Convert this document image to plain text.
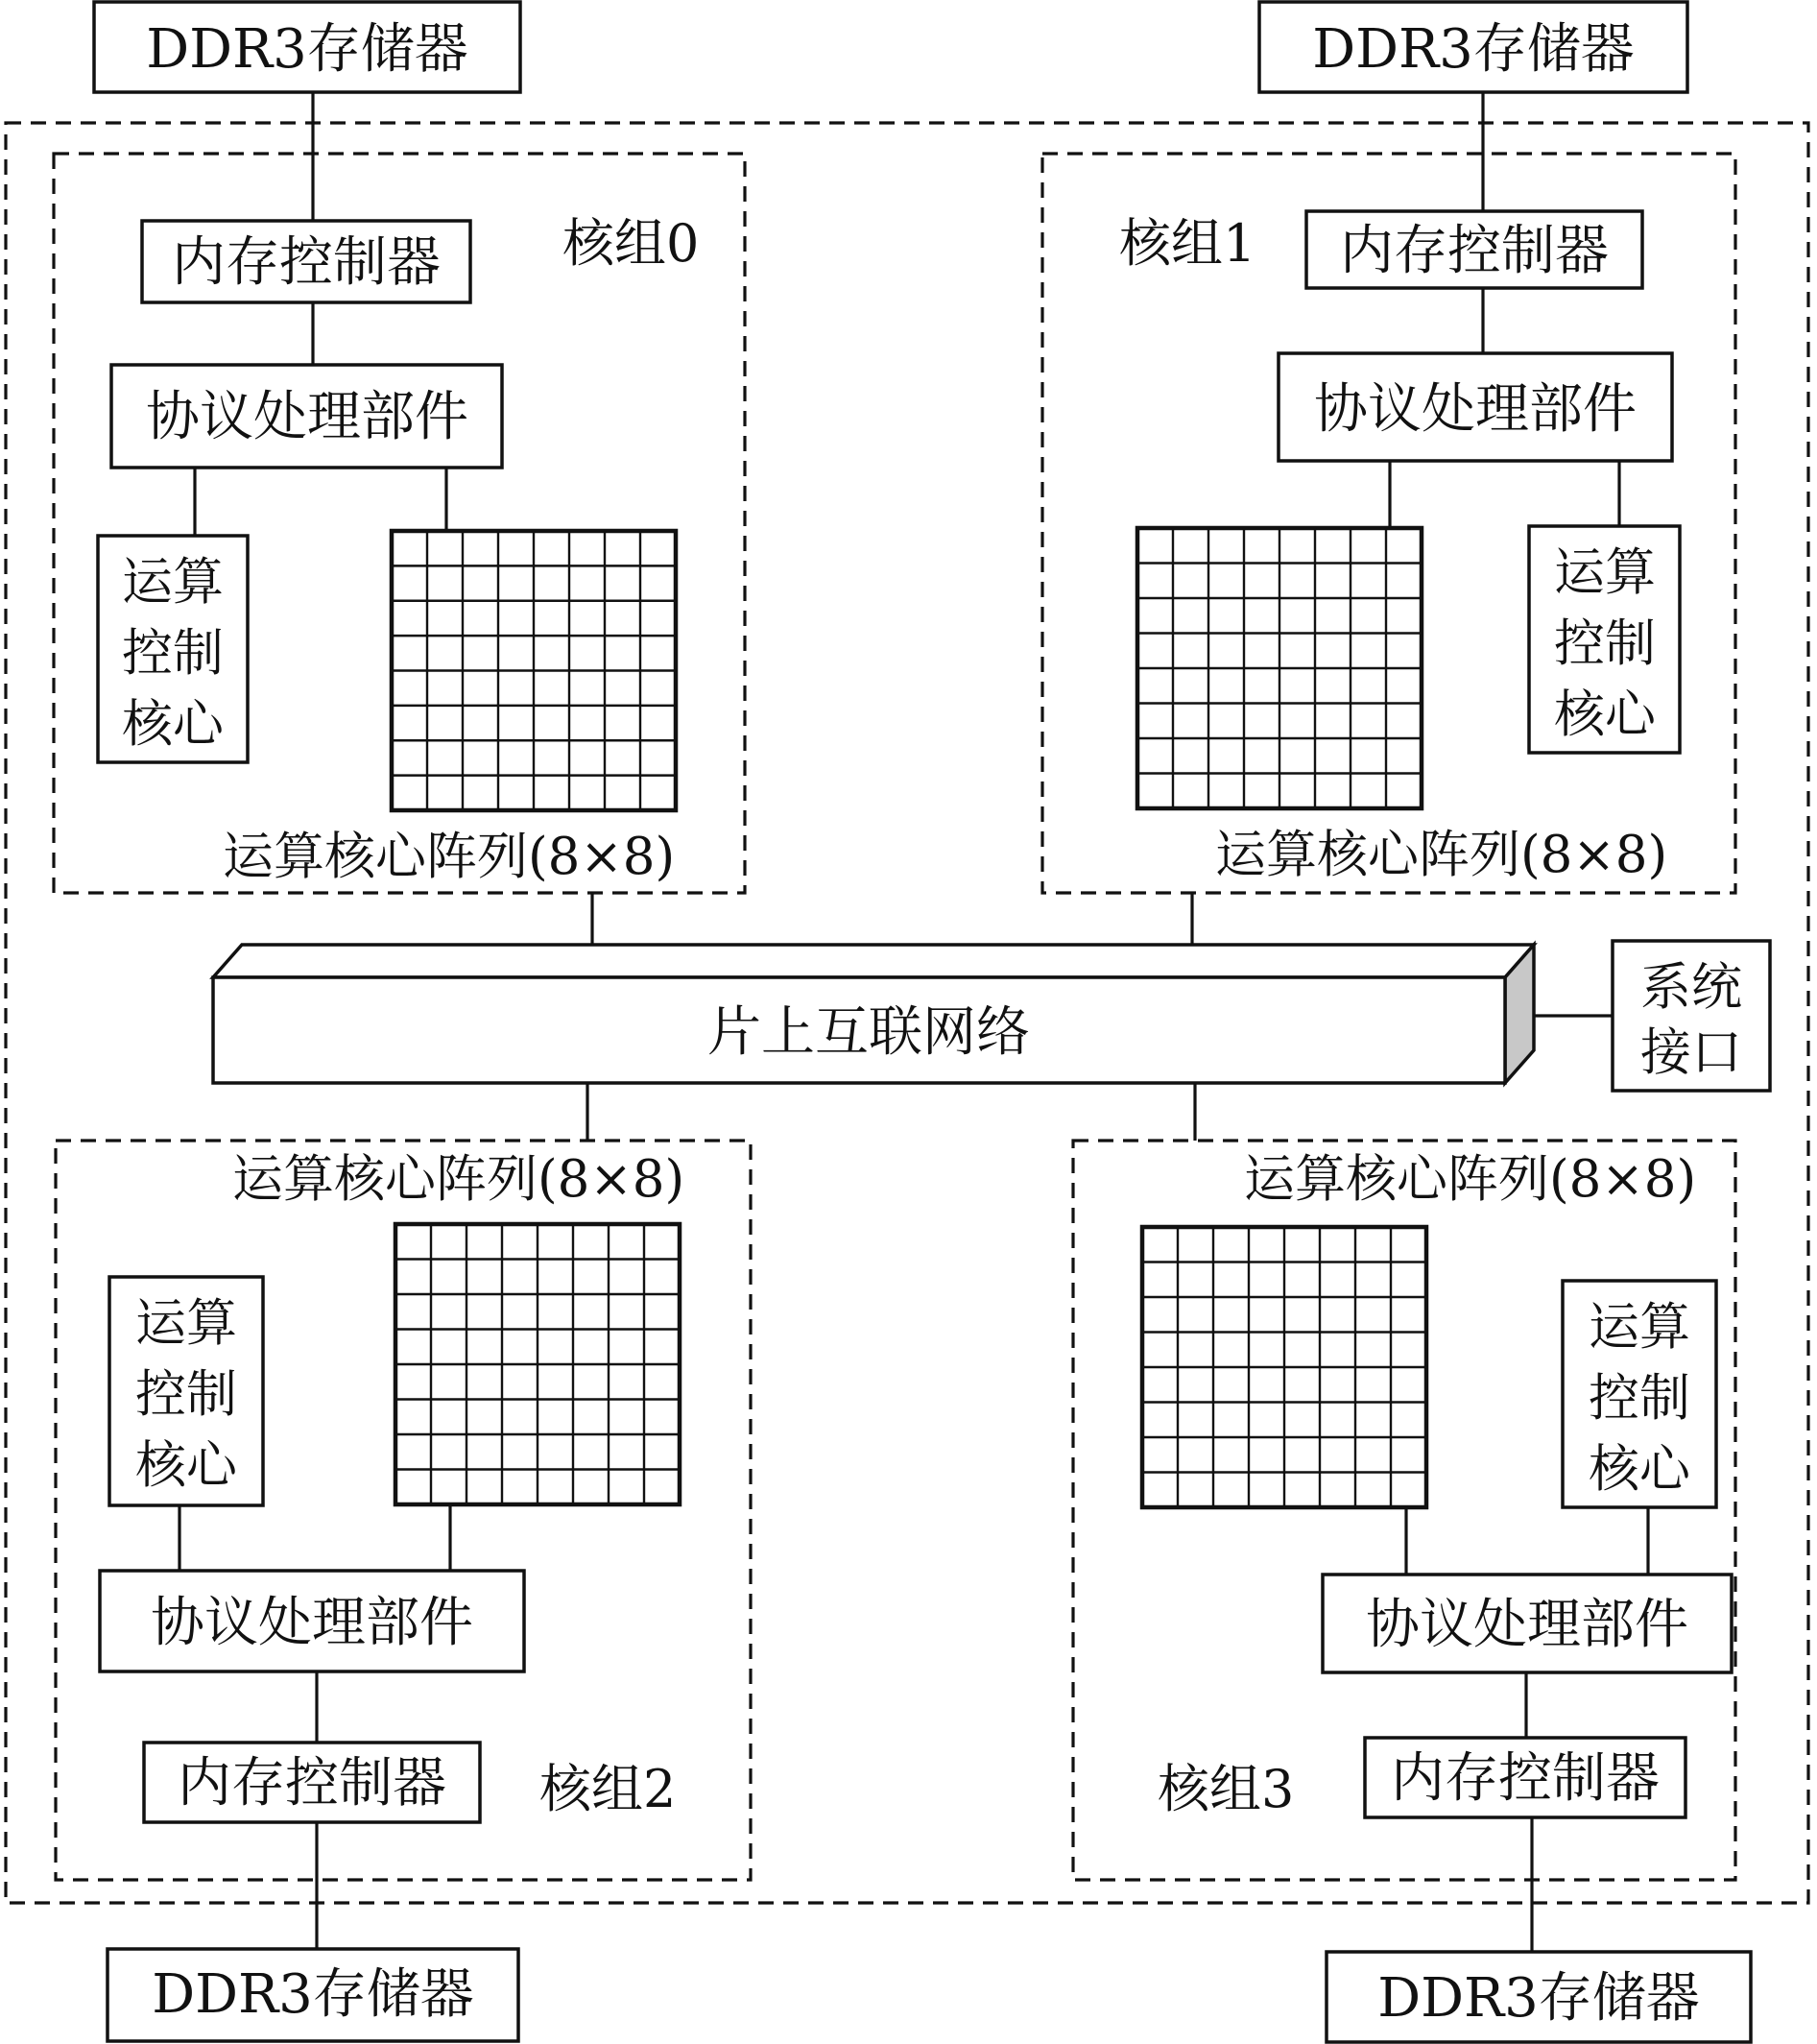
DDR3存储器	DDR3存储器
DDR3存储器	DDR3存储器
核组0
内存控制器
协议处理部件
运算
控制
核心
运算核心阵列(8×8)
核组1 内存控制器
协议处理部件
运算
控制
核心
运算核心阵列(8×8)
片上互联网络
系统
接口
运算核心阵列(8×8)
运算
控制
核心
协议处理部件
内存控制器 核组2
运算核心阵列(8×8)
运算
控制
核心
协议处理部件
内存控制器
核组3
